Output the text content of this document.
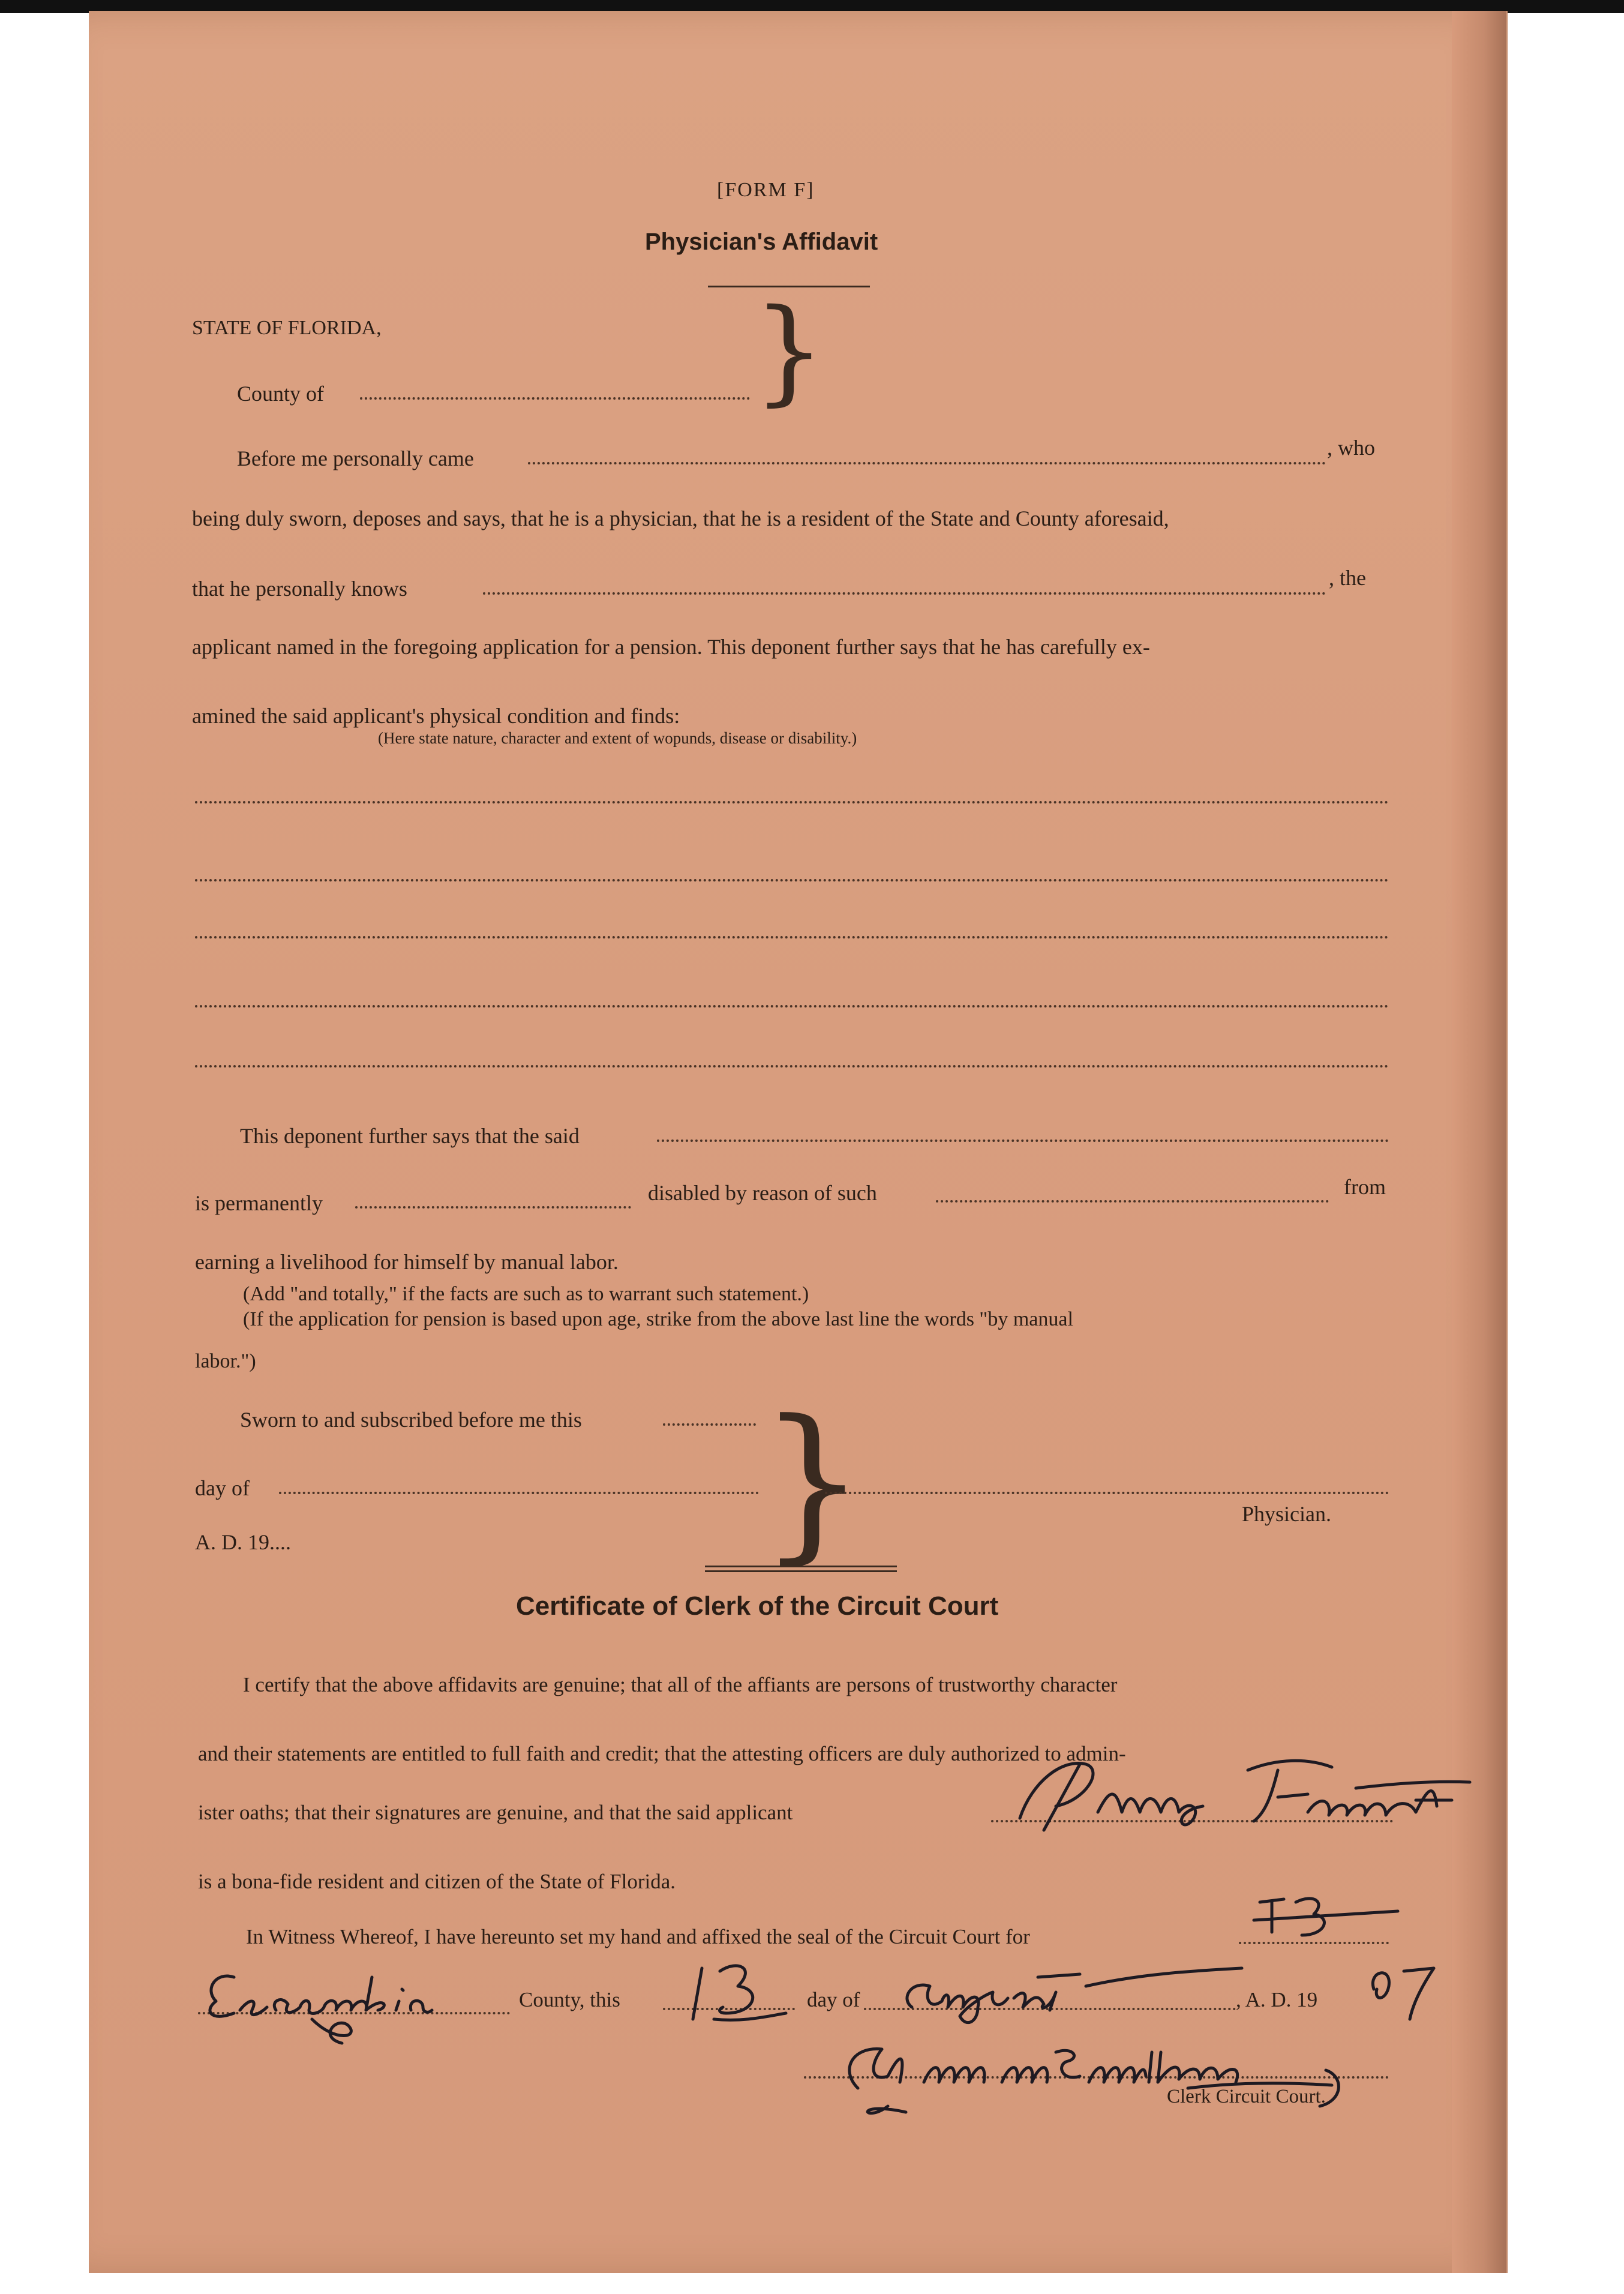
[FORM F]
Physician's Affidavit
STATE OF FLORIDA,
County of	}
Before me personally came	, who
being duly sworn, deposes and says, that he is a physician, that he is a resident of the State and County aforesaid,
that he personally knows	, the
applicant named in the foregoing application for a pension. This deponent further says that he has carefully ex-
amined the said applicant's physical condition and finds:
(Here state nature, character and extent of wopunds, disease or disability.)
This deponent further says that the said
is permanently	disabled by reason of such	from
earning a livelihood for himself by manual labor.
(Add "and totally," if the facts are such as to warrant such statement.)
(If the application for pension is based upon age, strike from the above last line the words "by manual
labor.")
Sworn to and subscribed before me this
day of
A. D. 19....	}	Physician.
Certificate of Clerk of the Circuit Court
I certify that the above affidavits are genuine; that all of the affiants are persons of trustworthy character
and their statements are entitled to full faith and credit; that the attesting officers are duly authorized to admin-
ister oaths; that their signatures are genuine, and that the said applicant
is a bona-fide resident and citizen of the State of Florida.
In Witness Whereof, I have hereunto set my hand and affixed the seal of the Circuit Court for
County, this	day of	, A. D. 19
Clerk Circuit Court.
